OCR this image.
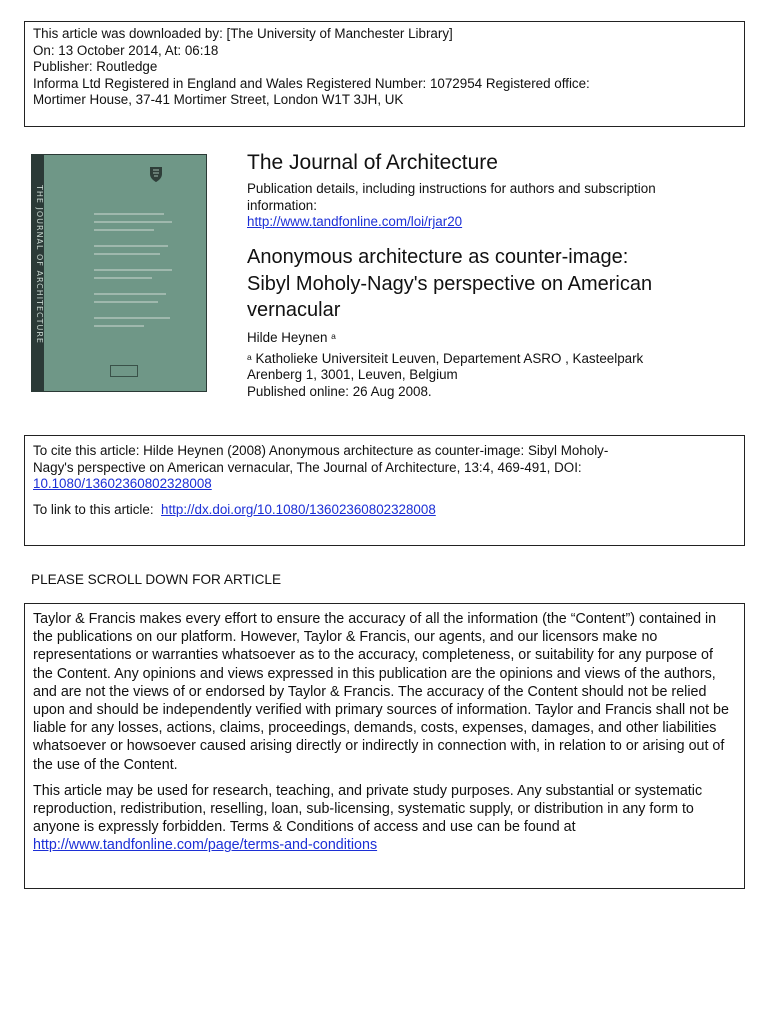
This article was downloaded by: [The University of Manchester Library]

On: 13 October 2014, At: 06:18

Publisher: Routledge

Informa Ltd Registered in England and Wales Registered Number: 1072954 Registered office:

Mortimer House, 37-41 Mortimer Street, London W1T 3JH, UK

THE JOURNAL OF ARCHITECTURE
The Journal of Architecture

Publication details, including instructions for authors and subscription

information:

http://www.tandfonline.com/loi/rjar20

Anonymous architecture as counter-image:
Sibyl Moholy-Nagy's perspective on American
vernacular

Hilde Heynen $^a$

$^a$ Katholieke Universiteit Leuven, Departement ASRO , Kasteelpark

Arenberg 1, 3001, Leuven, Belgium

Published online: 26 Aug 2008.

To cite this article: Hilde Heynen (2008) Anonymous architecture as counter-image: Sibyl Moholy-

Nagy's perspective on American vernacular, The Journal of Architecture, 13:4, 469-491, DOI:

10.1080/13602360802328008

To link to this article: http://dx.doi.org/10.1080/13602360802328008

PLEASE SCROLL DOWN FOR ARTICLE

Taylor & Francis makes every effort to ensure the accuracy of all the information (the “Content”) contained in the publications on our platform. However, Taylor & Francis, our agents, and our licensors make no representations or warranties whatsoever as to the accuracy, completeness, or suitability for any purpose of the Content. Any opinions and views expressed in this publication are the opinions and views of the authors, and are not the views of or endorsed by Taylor & Francis. The accuracy of the Content should not be relied upon and should be independently verified with primary sources of information. Taylor and Francis shall not be liable for any losses, actions, claims, proceedings, demands, costs, expenses, damages, and other liabilities whatsoever or howsoever caused arising directly or indirectly in connection with, in relation to or arising out of the use of the Content.

This article may be used for research, teaching, and private study purposes. Any substantial or systematic reproduction, redistribution, reselling, loan, sub-licensing, systematic supply, or distribution in any form to anyone is expressly forbidden. Terms & Conditions of access and use can be found at http://www.tandfonline.com/page/terms-and-conditions
